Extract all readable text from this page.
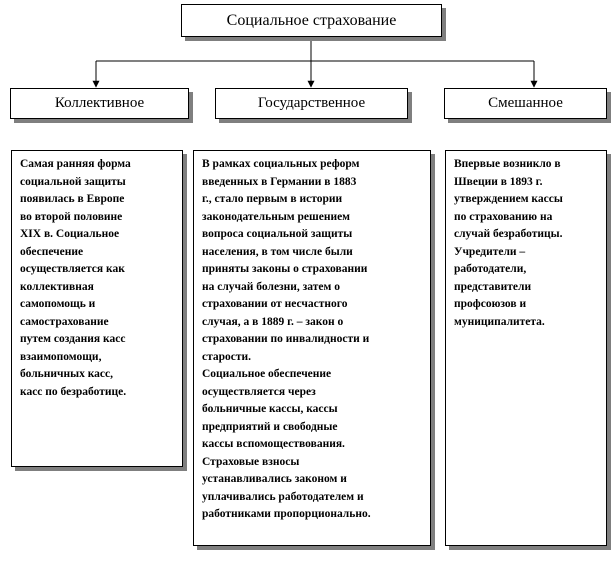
Социальное страхование
Коллективное	Государственное	Смешанное

Самая ранняя форма
социальной защиты
появилась в Европе
во второй половине
XIX в. Социальное
обеспечение
осуществляется как
коллективная
самопомощь и
самострахование
путем создания касс
взаимопомощи,
больничных касс,
касс по безработице.

В рамках социальных реформ
введенных в Германии в 1883
г., стало первым в истории
законодательным решением
вопроса социальной защиты
населения, в том числе были
приняты законы о страховании
на случай болезни, затем о
страховании от несчастного
случая, а в 1889 г. – закон о
страховании по инвалидности и
старости.
Социальное обеспечение
осуществляется через
больничные кассы, кассы
предприятий и свободные
кассы вспомоществования.
Страховые взносы
устанавливались законом и
уплачивались работодателем и
работниками пропорционально.

Впервые возникло в
Швеции в 1893 г.
утверждением кассы
по страхованию на
случай безработицы.
Учредители –
работодатели,
представители
профсоюзов и
муниципалитета.
